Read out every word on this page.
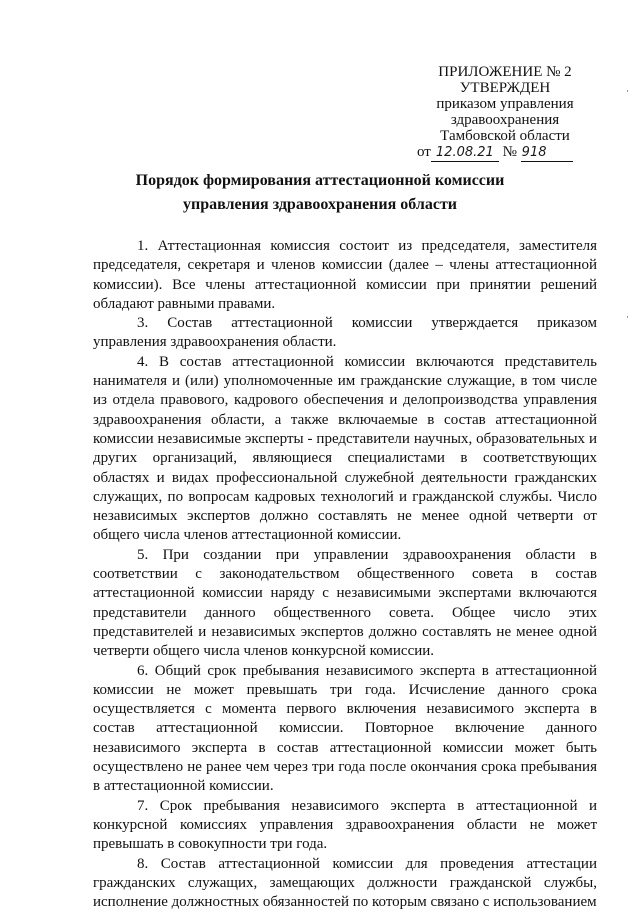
ПРИЛОЖЕНИЕ № 2
УТВЕРЖДЕН
приказом управления
здравоохранения
Тамбовской области
от 12.08.21 № 918
Порядок формирования аттестационной комиссии
управления здравоохранения области

1. Аттестационная комиссия состоит из председателя, заместителя председателя, секретаря и членов комиссии (далее – члены аттестационной комиссии). Все члены аттестационной комиссии при принятии решений обладают равными правами.

3. Состав аттестационной комиссии утверждается приказом управления здравоохранения области.

4. В состав аттестационной комиссии включаются представитель нанимателя и (или) уполномоченные им гражданские служащие, в том числе из отдела правового, кадрового обеспечения и делопроизводства управления здравоохранения области, а также включаемые в состав аттестационной комиссии независимые эксперты - представители научных, образовательных и других организаций, являющиеся специалистами в соответствующих областях и видах профессиональной служебной деятельности гражданских служащих, по вопросам кадровых технологий и гражданской службы. Число независимых экспертов должно составлять не менее одной четверти от общего числа членов аттестационной комиссии.

5. При создании при управлении здравоохранения области в соответствии с законодательством общественного совета в состав аттестационной комиссии наряду с независимыми экспертами включаются представители данного общественного совета. Общее число этих представителей и независимых экспертов должно составлять не менее одной четверти общего числа членов конкурсной комиссии.

6. Общий срок пребывания независимого эксперта в аттестационной комиссии не может превышать три года. Исчисление данного срока осуществляется с момента первого включения независимого эксперта в состав аттестационной комиссии. Повторное включение данного независимого эксперта в состав аттестационной комиссии может быть осуществлено не ранее чем через три года после окончания срока пребывания в аттестационной комиссии.

7. Срок пребывания независимого эксперта в аттестационной и конкурсной комиссиях управления здравоохранения области не может превышать в совокупности три года.

8. Состав аттестационной комиссии для проведения аттестации гражданских служащих, замещающих должности гражданской службы, исполнение должностных обязанностей по которым связано с использованием

·
·
